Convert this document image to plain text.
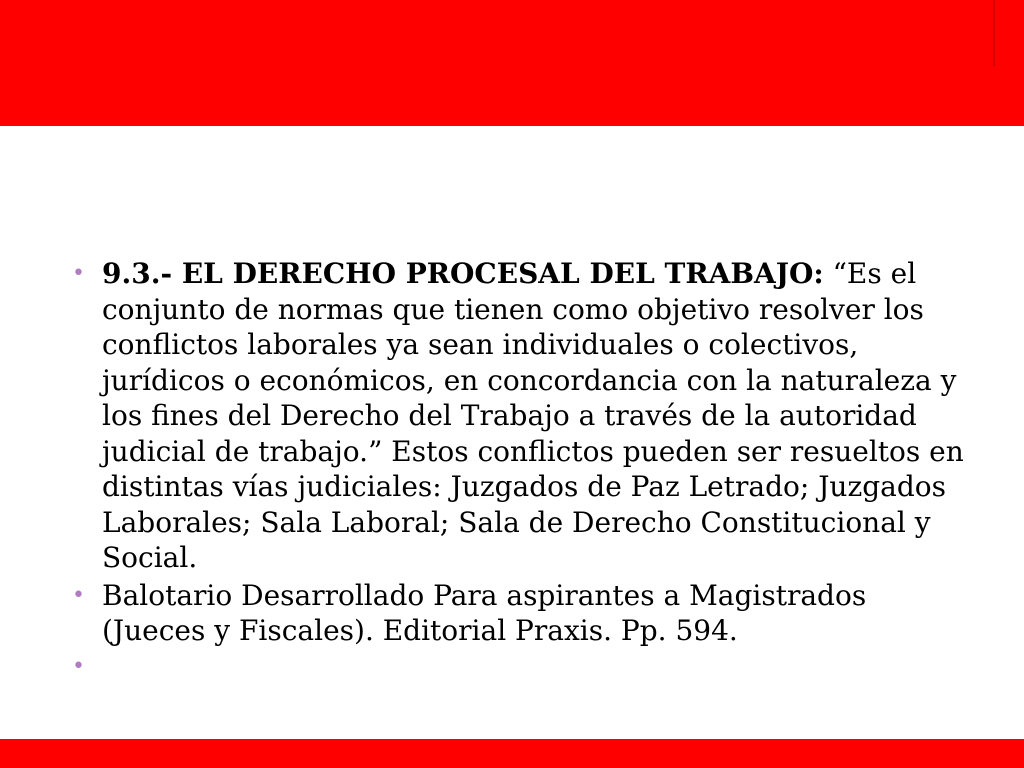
• 9.3.- EL DERECHO PROCESAL DEL TRABAJO: “Es el conjunto de normas que tienen como objetivo resolver los conflictos laborales ya sean individuales o colectivos, jurídicos o económicos, en concordancia con la naturaleza y los fines del Derecho del Trabajo a través de la autoridad judicial de trabajo.” Estos conflictos pueden ser resueltos en distintas vías judiciales: Juzgados de Paz Letrado; Juzgados Laborales; Sala Laboral; Sala de Derecho Constitucional y Social.
• Balotario Desarrollado Para aspirantes a Magistrados (Jueces y Fiscales). Editorial Praxis. Pp. 594.
•
